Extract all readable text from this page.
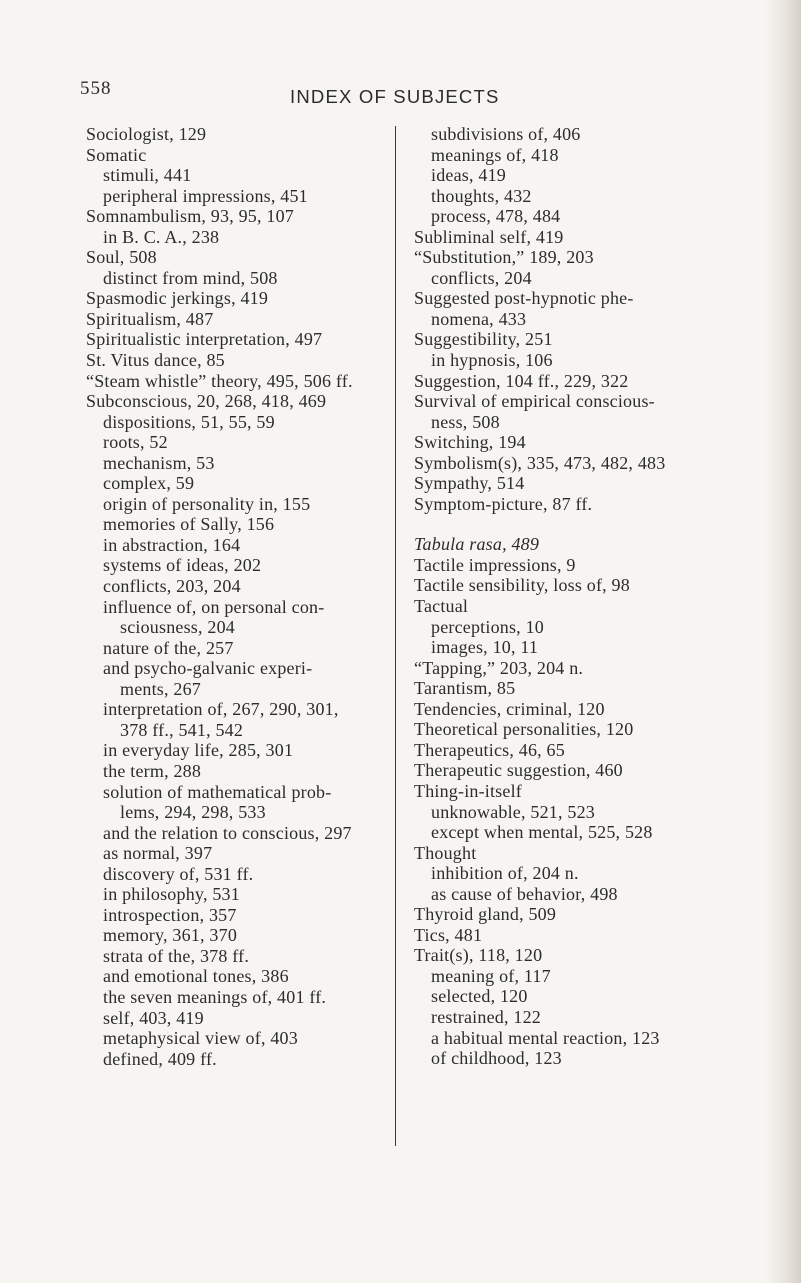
558	INDEX OF SUBJECTS
Sociologist, 129
Somatic
stimuli, 441
peripheral impressions, 451
Somnambulism, 93, 95, 107
in B. C. A., 238
Soul, 508
distinct from mind, 508
Spasmodic jerkings, 419
Spiritualism, 487
Spiritualistic interpretation, 497
St. Vitus dance, 85
“Steam whistle” theory, 495, 506 ff.
Subconscious, 20, 268, 418, 469
dispositions, 51, 55, 59
roots, 52
mechanism, 53
complex, 59
origin of personality in, 155
memories of Sally, 156
in abstraction, 164
systems of ideas, 202
conflicts, 203, 204
influence of, on personal con-
sciousness, 204
nature of the, 257
and psycho-galvanic experi-
ments, 267
interpretation of, 267, 290, 301,
378 ff., 541, 542
in everyday life, 285, 301
the term, 288
solution of mathematical prob-
lems, 294, 298, 533
and the relation to conscious, 297
as normal, 397
discovery of, 531 ff.
in philosophy, 531
introspection, 357
memory, 361, 370
strata of the, 378 ff.
and emotional tones, 386
the seven meanings of, 401 ff.
self, 403, 419
metaphysical view of, 403
defined, 409 ff.
subdivisions of, 406
meanings of, 418
ideas, 419
thoughts, 432
process, 478, 484
Subliminal self, 419
“Substitution,” 189, 203
conflicts, 204
Suggested post-hypnotic phe-
nomena, 433
Suggestibility, 251
in hypnosis, 106
Suggestion, 104 ff., 229, 322
Survival of empirical conscious-
ness, 508
Switching, 194
Symbolism(s), 335, 473, 482, 483
Sympathy, 514
Symptom-picture, 87 ff.
Tabula rasa, 489
Tactile impressions, 9
Tactile sensibility, loss of, 98
Tactual
perceptions, 10
images, 10, 11
“Tapping,” 203, 204 n.
Tarantism, 85
Tendencies, criminal, 120
Theoretical personalities, 120
Therapeutics, 46, 65
Therapeutic suggestion, 460
Thing-in-itself
unknowable, 521, 523
except when mental, 525, 528
Thought
inhibition of, 204 n.
as cause of behavior, 498
Thyroid gland, 509
Tics, 481
Trait(s), 118, 120
meaning of, 117
selected, 120
restrained, 122
a habitual mental reaction, 123
of childhood, 123
